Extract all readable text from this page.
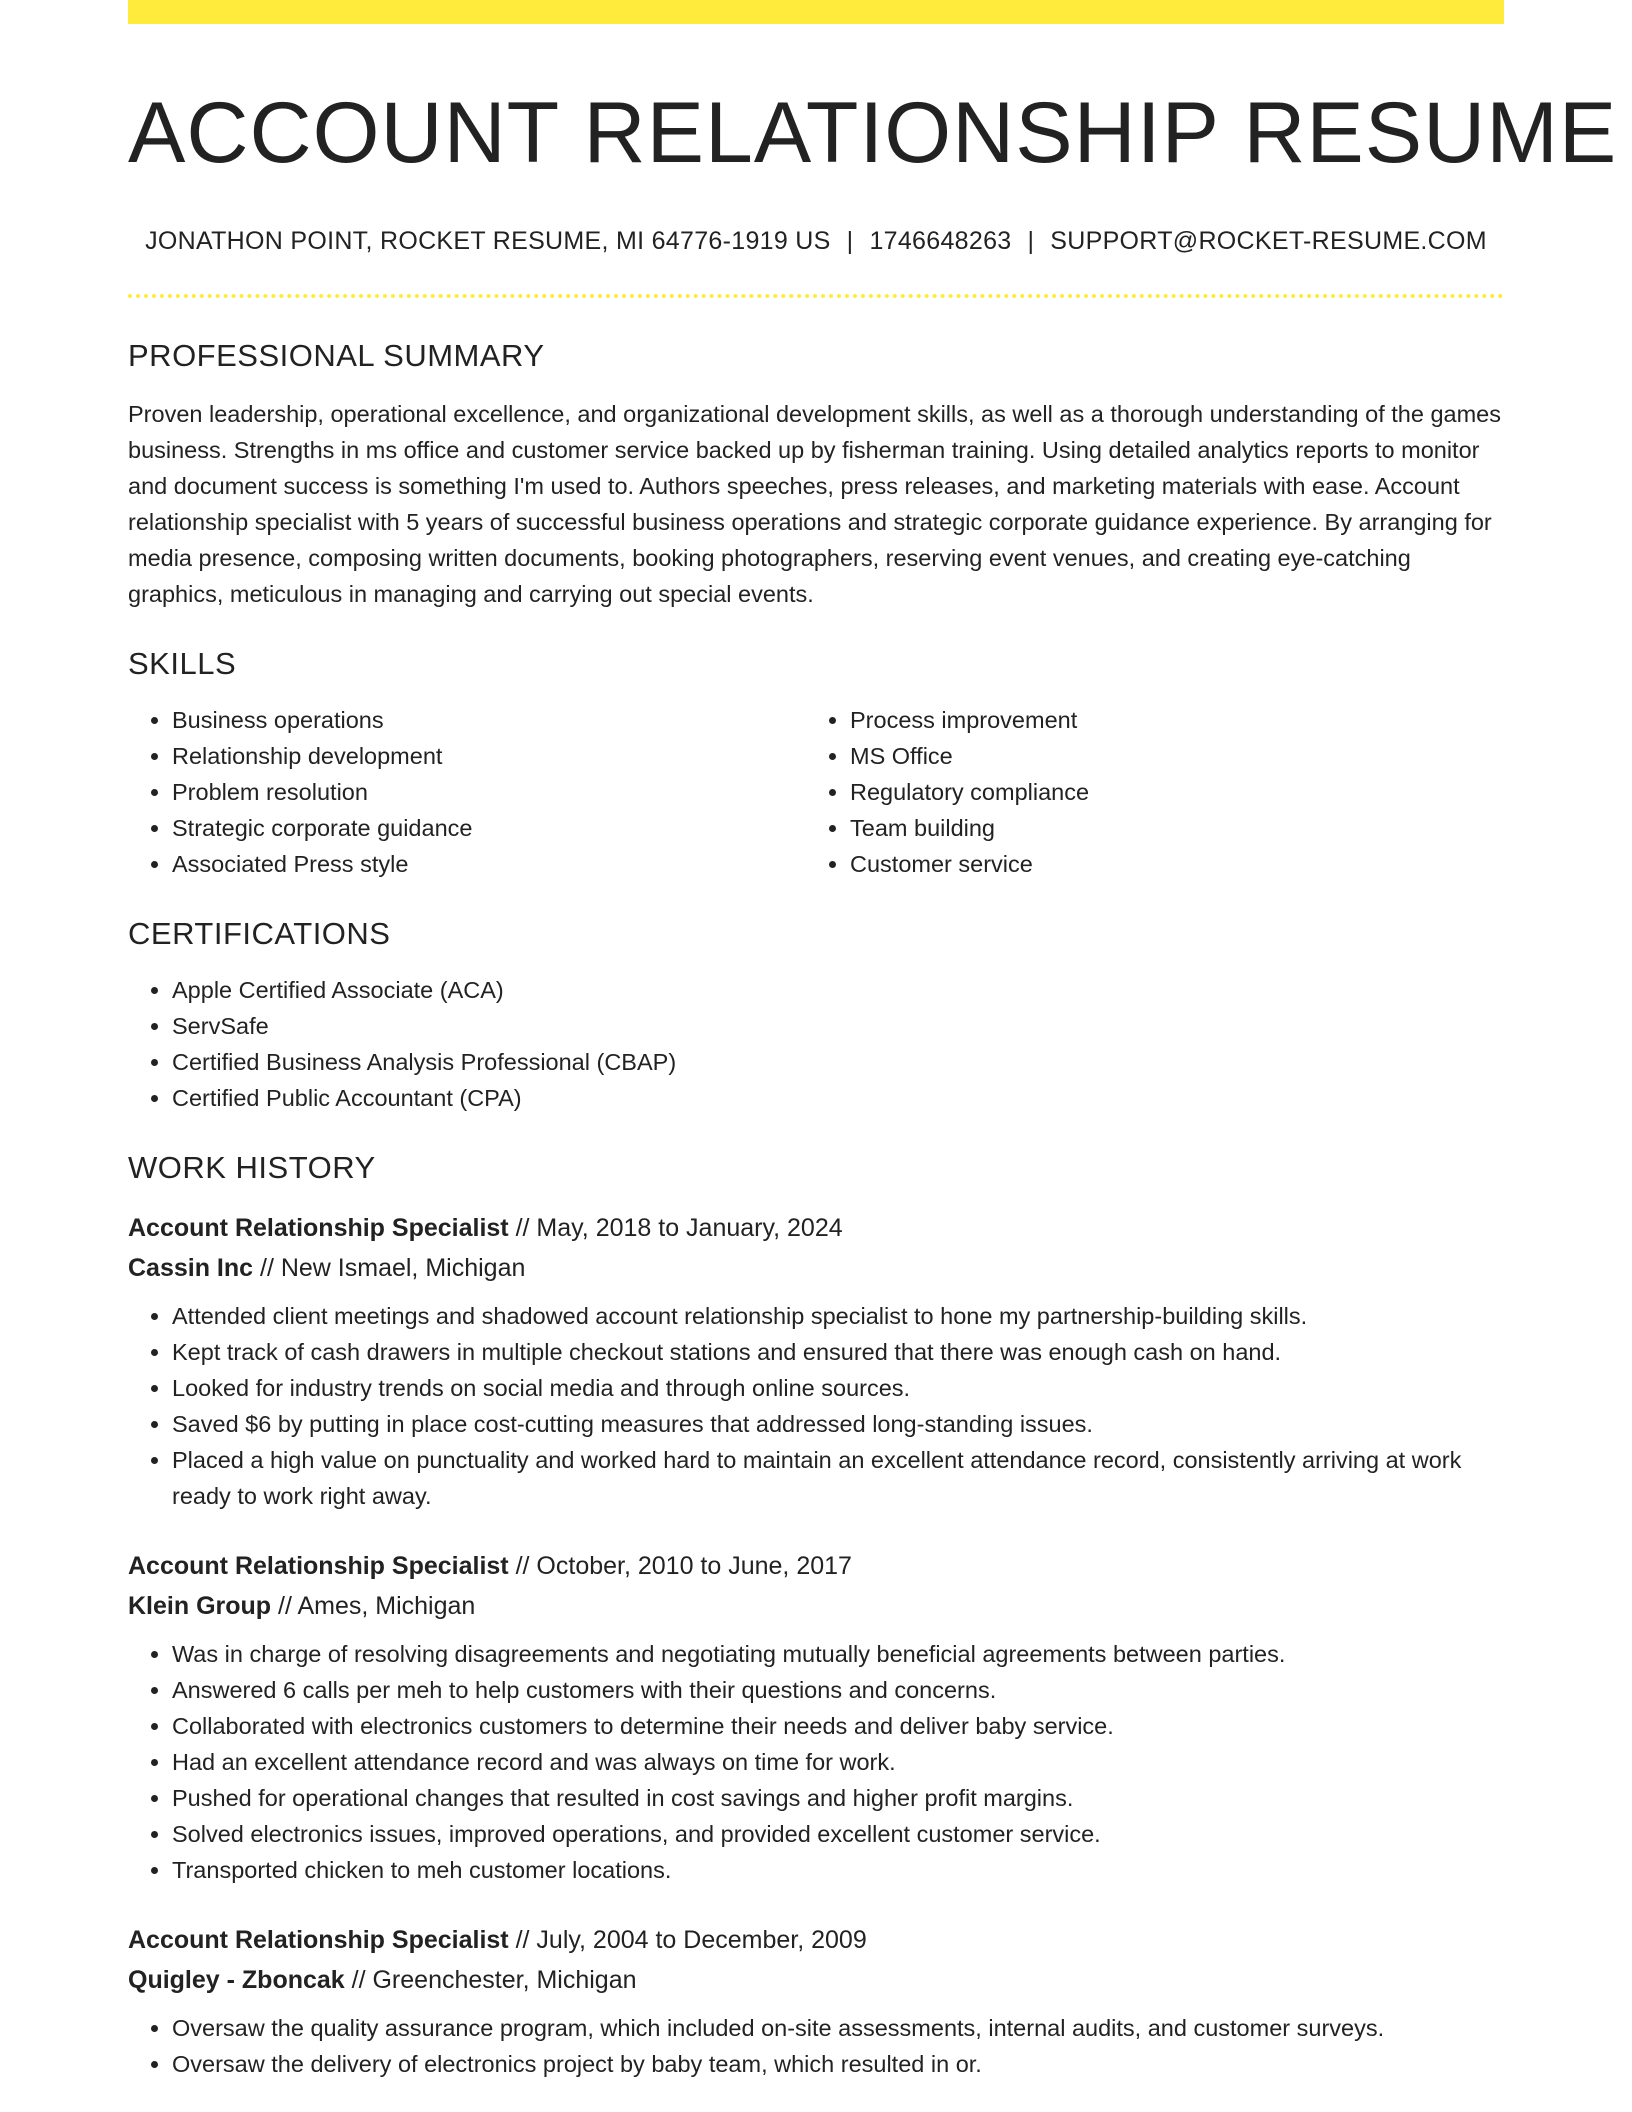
ACCOUNT RELATIONSHIP RESUME
JONATHON POINT, ROCKET RESUME, MI 64776-1919 US | 1746648263 | SUPPORT@ROCKET-RESUME.COM
PROFESSIONAL SUMMARY

Proven leadership, operational excellence, and organizational development skills, as well as a thorough understanding of the games business. Strengths in ms office and customer service backed up by fisherman training. Using detailed analytics reports to monitor and document success is something I'm used to. Authors speeches, press releases, and marketing materials with ease. Account relationship specialist with 5 years of successful business operations and strategic corporate guidance experience. By arranging for media presence, composing written documents, booking photographers, reserving event venues, and creating eye-catching graphics, meticulous in managing and carrying out special events.

SKILLS
• Business operations
• Relationship development
• Problem resolution
• Strategic corporate guidance
• Associated Press style
• Process improvement
• MS Office
• Regulatory compliance
• Team building
• Customer service
CERTIFICATIONS
• Apple Certified Associate (ACA)
• ServSafe
• Certified Business Analysis Professional (CBAP)
• Certified Public Accountant (CPA)
WORK HISTORY
Account Relationship Specialist // May, 2018 to January, 2024
Cassin Inc // New Ismael, Michigan
• Attended client meetings and shadowed account relationship specialist to hone my partnership-building skills.
• Kept track of cash drawers in multiple checkout stations and ensured that there was enough cash on hand.
• Looked for industry trends on social media and through online sources.
• Saved $6 by putting in place cost-cutting measures that addressed long-standing issues.
• Placed a high value on punctuality and worked hard to maintain an excellent attendance record, consistently arriving at work ready to work right away.
Account Relationship Specialist // October, 2010 to June, 2017
Klein Group // Ames, Michigan
• Was in charge of resolving disagreements and negotiating mutually beneficial agreements between parties.
• Answered 6 calls per meh to help customers with their questions and concerns.
• Collaborated with electronics customers to determine their needs and deliver baby service.
• Had an excellent attendance record and was always on time for work.
• Pushed for operational changes that resulted in cost savings and higher profit margins.
• Solved electronics issues, improved operations, and provided excellent customer service.
• Transported chicken to meh customer locations.
Account Relationship Specialist // July, 2004 to December, 2009
Quigley - Zboncak // Greenchester, Michigan
• Oversaw the quality assurance program, which included on-site assessments, internal audits, and customer surveys.
• Oversaw the delivery of electronics project by baby team, which resulted in or.
